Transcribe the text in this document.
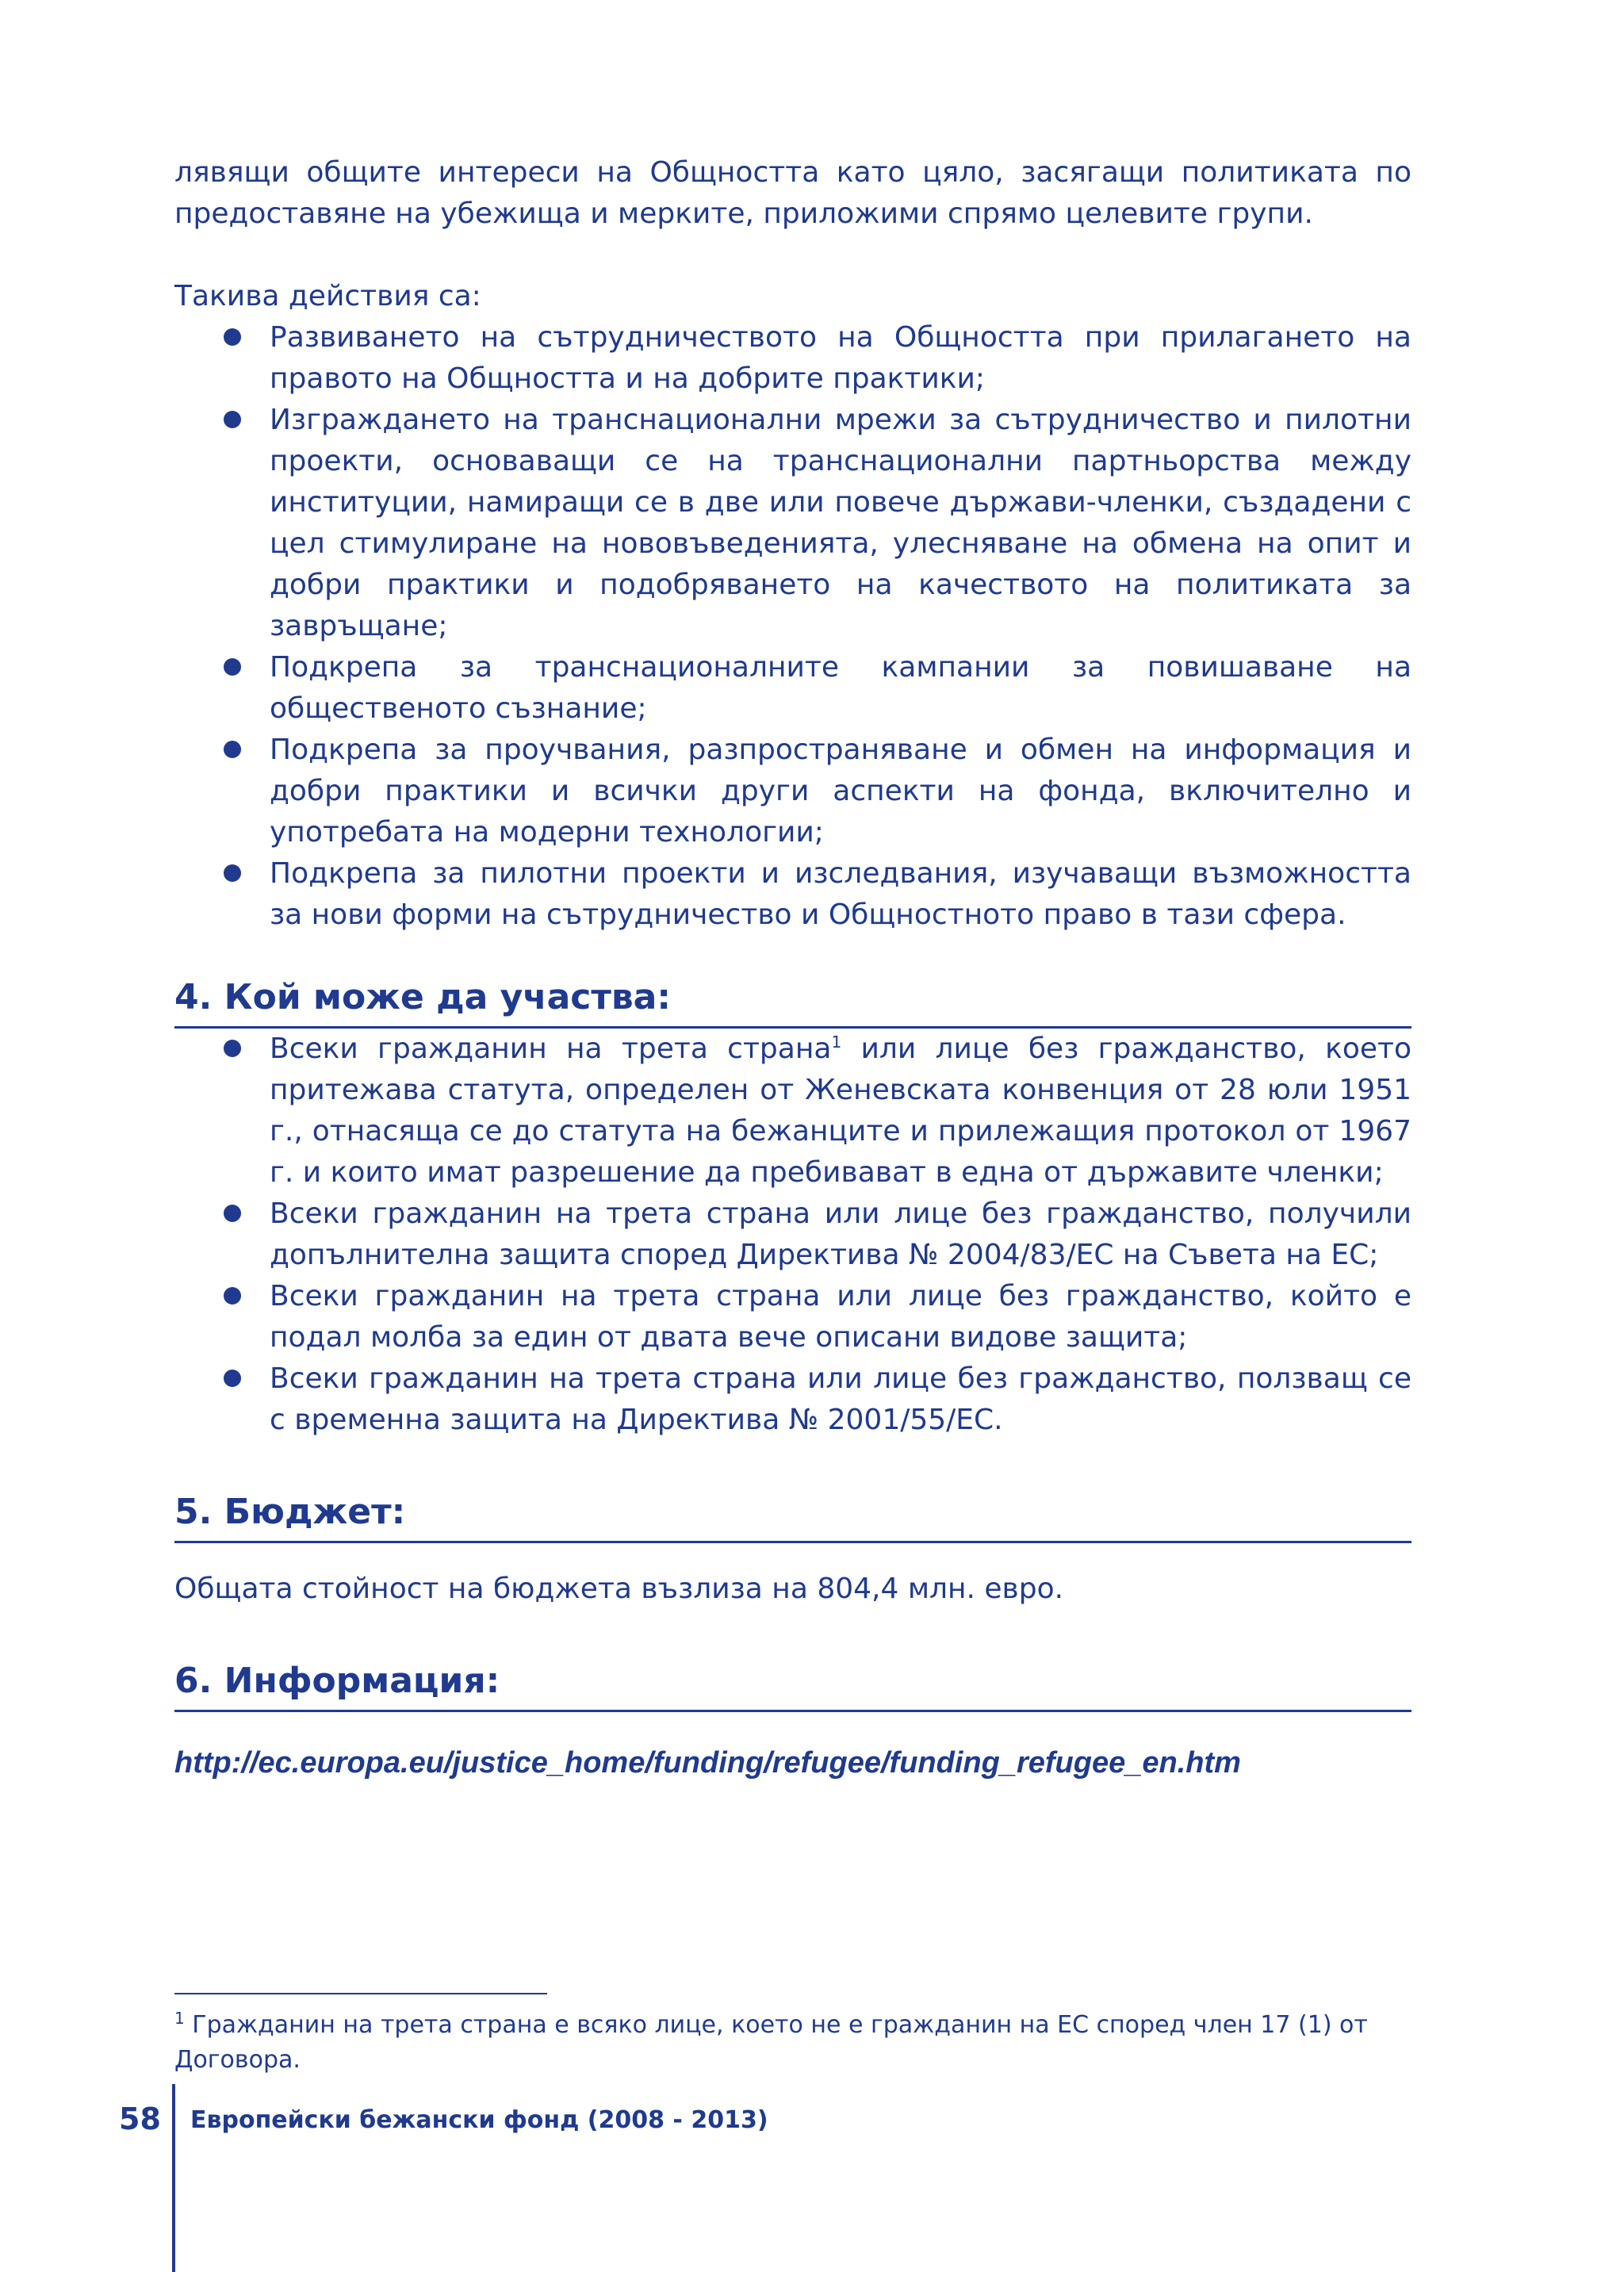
лявящи общите интереси на Общността като цяло, засягащи политиката по предоставяне на убежища и мерките, приложими спрямо целевите групи.

Такива действия са:

Развиването на сътрудничеството на Общността при прилагането на правото на Общността и на добрите практики;
Изграждането на транснационални мрежи за сътрудничество и пилотни проекти, основаващи се на транснационални партньорства между институции, намиращи се в две или повече държави-членки, създадени с цел стимулиране на нововъведенията, улесняване на обмена на опит и добри практики и подобряването на качеството на политиката за завръщане;
Подкрепа за транснационалните кампании за повишаване на общественото съзнание;
Подкрепа за проучвания, разпространяване и обмен на информация и добри практики и всички други аспекти на фонда, включително и употребата на модерни технологии;
Подкрепа за пилотни проекти и изследвания, изучаващи възможността за нови форми на сътрудничество и Общностното право в тази сфера.
4. Кой може да участва:
Всеки гражданин на трета страна$^1$ или лице без гражданство, което притежава статута, определен от Женевската конвенция от 28 юли 1951 г., отнасяща се до статута на бежанците и прилежащия протокол от 1967 г. и които имат разрешение да пребивават в една от държавите членки;
Всеки гражданин на трета страна или лице без гражданство, получили допълнителна защита според Директива № 2004/83/ЕС на Съвета на ЕС;
Всеки гражданин на трета страна или лице без гражданство, който е подал молба за един от двата вече описани видове защита;
Всеки гражданин на трета страна или лице без гражданство, ползващ се с временна защита на Директива № 2001/55/ЕС.
5. Бюджет:

Общата стойност на бюджета възлиза на 804,4 млн. евро.

6. Информация:
http://ec.europa.eu/justice_home/funding/refugee/funding_refugee_en.htm
$^1$ Гражданин на трета страна е всяко лице, което не е гражданин на ЕС според член 17 (1) от Договора.
58 Европейски бежански фонд (2008 - 2013)
